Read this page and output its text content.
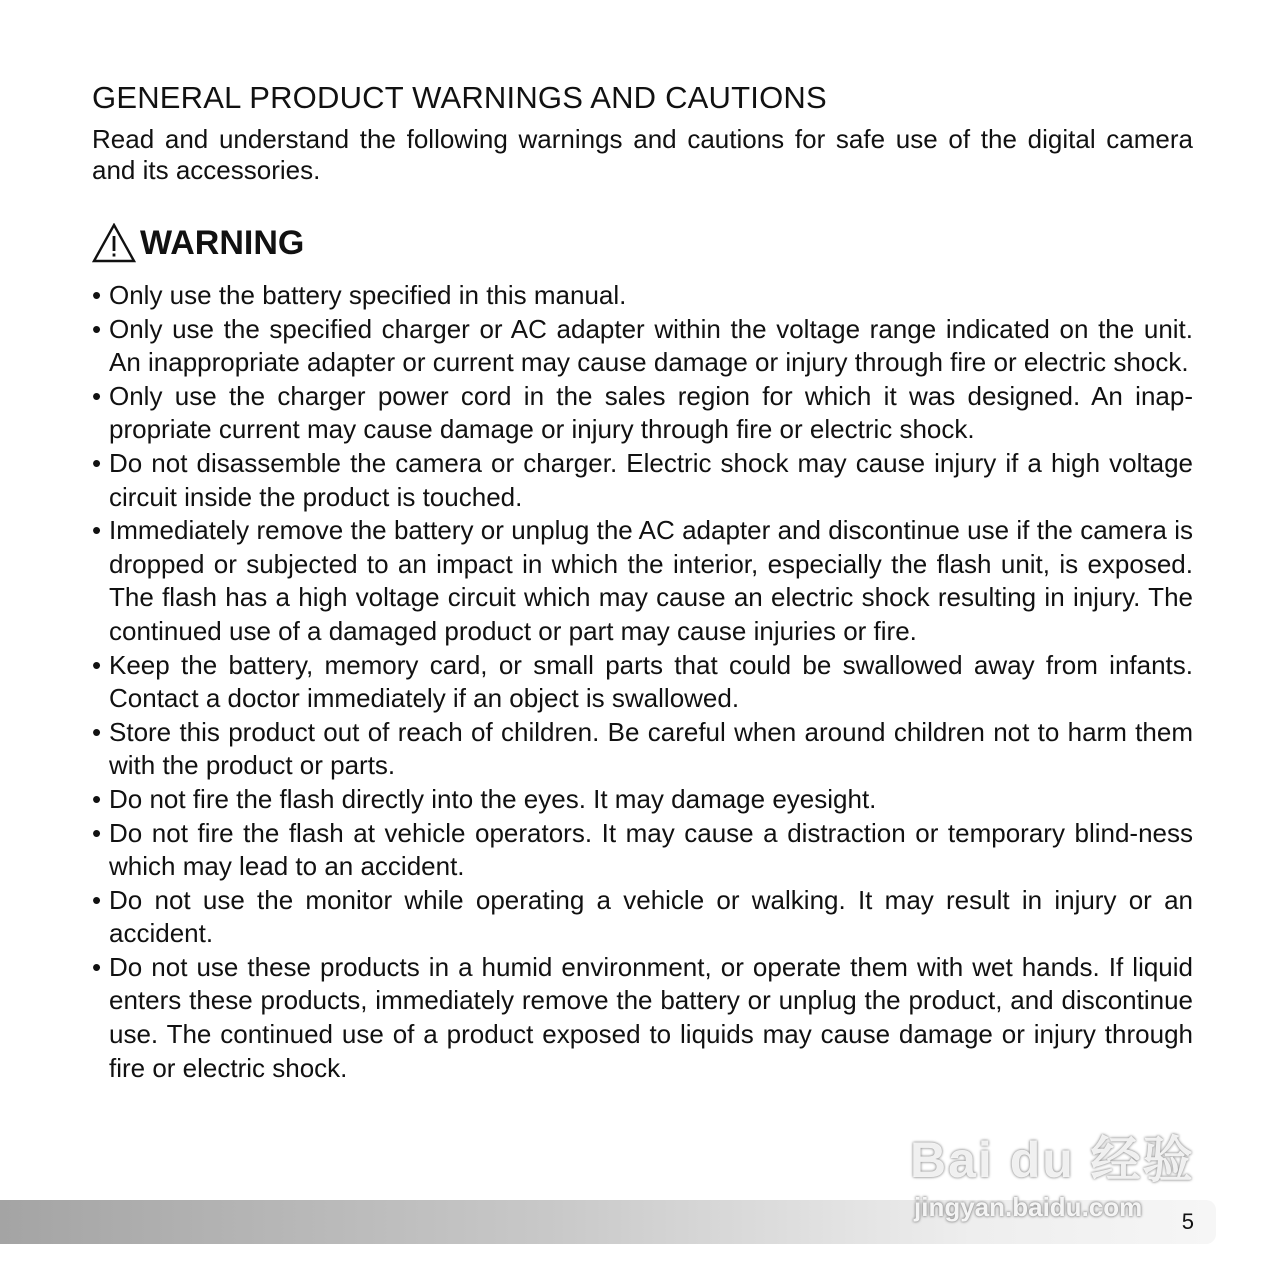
GENERAL PRODUCT WARNINGS AND CAUTIONS

Read and understand the following warnings and cautions for safe use of the digital camera and its accessories.

WARNING
• Only use the battery specified in this manual.
• Only use the specified charger or AC adapter within the voltage range indicated on the unit. An inappropriate adapter or current may cause damage or injury through fire or electric shock.
• Only use the charger power cord in the sales region for which it was designed. An inap-propriate current may cause damage or injury through fire or electric shock.
• Do not disassemble the camera or charger. Electric shock may cause injury if a high voltage circuit inside the product is touched.
• Immediately remove the battery or unplug the AC adapter and discontinue use if the camera is dropped or subjected to an impact in which the interior, especially the flash unit, is exposed. The flash has a high voltage circuit which may cause an electric shock resulting in injury. The continued use of a damaged product or part may cause injuries or fire.
• Keep the battery, memory card, or small parts that could be swallowed away from infants. Contact a doctor immediately if an object is swallowed.
• Store this product out of reach of children. Be careful when around children not to harm them with the product or parts.
• Do not fire the flash directly into the eyes. It may damage eyesight.
• Do not fire the flash at vehicle operators. It may cause a distraction or temporary blind-ness which may lead to an accident.
• Do not use the monitor while operating a vehicle or walking. It may result in injury or an accident.
• Do not use these products in a humid environment, or operate them with wet hands. If liquid enters these products, immediately remove the battery or unplug the product, and discontinue use. The continued use of a product exposed to liquids may cause damage or injury through fire or electric shock.
5
Bai du 经验
jingyan.baidu.com
